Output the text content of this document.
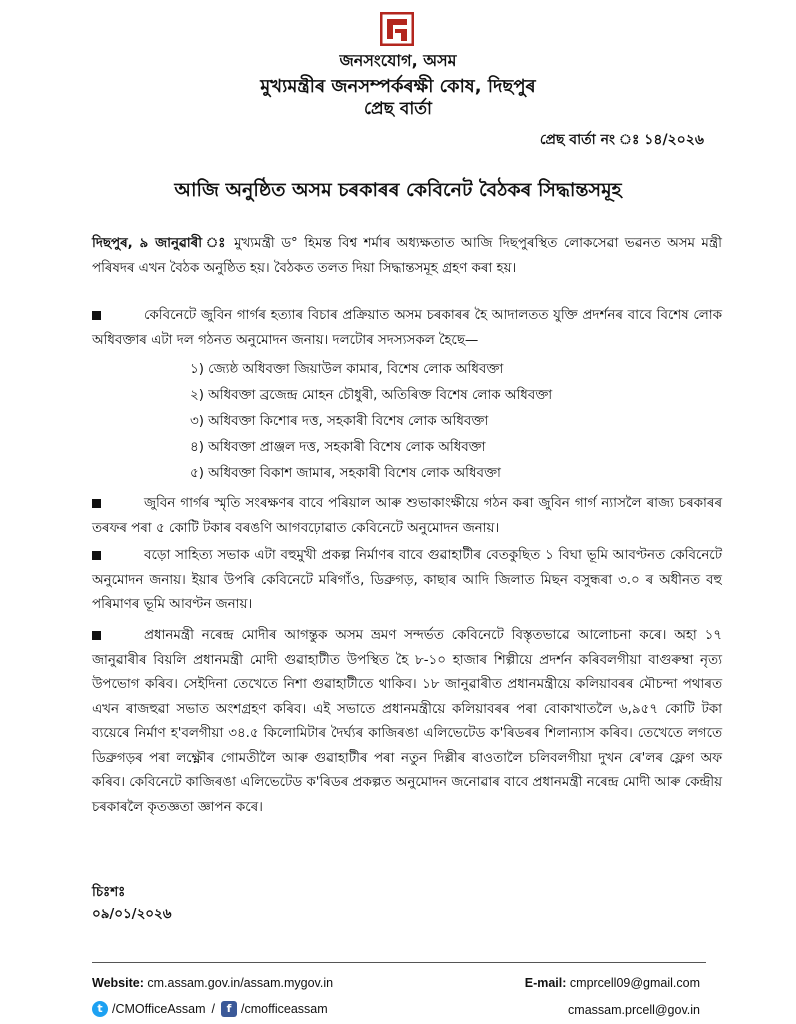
জনসংযোগ, অসম
মুখ্যমন্ত্ৰীৰ জনসম্পৰ্কৰক্ষী কোষ, দিছপুৰ
প্ৰেছ বাৰ্তা
প্ৰেছ বাৰ্তা নং ঃ ১৪/২০২৬
আজি অনুষ্ঠিত অসম চৰকাৰৰ কেবিনেট বৈঠকৰ সিদ্ধান্তসমূহ
দিছপুৰ, ৯ জানুৱাৰী ঃ মুখ্যমন্ত্ৰী ড° হিমন্ত বিশ্ব শৰ্মাৰ অধ্যক্ষতাত আজি দিছপুৰস্থিত লোকসেৱা ভৱনত অসম মন্ত্ৰী পৰিষদৰ এখন বৈঠক অনুষ্ঠিত হয়। বৈঠকত তলত দিয়া সিদ্ধান্তসমূহ গ্ৰহণ কৰা হয়।
কেবিনেটে জুবিন গাৰ্গৰ হত্যাৰ বিচাৰ প্ৰক্ৰিয়াত অসম চৰকাৰৰ হৈ আদালতত যুক্তি প্ৰদৰ্শনৰ বাবে বিশেষ লোক অধিবক্তাৰ এটা দল গঠনত অনুমোদন জনায়। দলটোৰ সদস্যসকল হৈছে—
১) জ্যেষ্ঠ অধিবক্তা জিয়াউল কামাৰ, বিশেষ লোক অধিবক্তা
২) অধিবক্তা ব্ৰজেন্দ্ৰ মোহন চৌধুৰী, অতিৰিক্ত বিশেষ লোক অধিবক্তা
৩) অধিবক্তা কিশোৰ দত্ত, সহকাৰী বিশেষ লোক অধিবক্তা
৪) অধিবক্তা প্ৰাঞ্জল দত্ত, সহকাৰী বিশেষ লোক অধিবক্তা
৫) অধিবক্তা বিকাশ জামাৰ, সহকাৰী বিশেষ লোক অধিবক্তা
জুবিন গাৰ্গৰ স্মৃতি সংৰক্ষণৰ বাবে পৰিয়াল আৰু শুভাকাংক্ষীয়ে গঠন কৰা জুবিন গাৰ্গ ন্যাসলৈ ৰাজ্য চৰকাৰৰ তৰফৰ পৰা ৫ কোটি টকাৰ বৰঙণি আগবঢ়োৱাত কেবিনেটে অনুমোদন জনায়।
বড়ো সাহিত্য সভাক এটা বহুমুখী প্ৰকল্প নিৰ্মাণৰ বাবে গুৱাহাটীৰ বেতকুছিত ১ বিঘা ভূমি আবণ্টনত কেবিনেটে অনুমোদন জনায়। ইয়াৰ উপৰি কেবিনেটে মৰিগাঁও, ডিব্ৰুগড়, কাছাৰ আদি জিলাত মিছন বসুন্ধৰা ৩.০ ৰ অধীনত বহু পৰিমাণৰ ভূমি আবণ্টন জনায়।
প্ৰধানমন্ত্ৰী নৰেন্দ্ৰ মোদীৰ আগন্তুক অসম ভ্ৰমণ সন্দৰ্ভত কেবিনেটে বিস্তৃতভাৱে আলোচনা কৰে। অহা ১৭ জানুৱাৰীৰ বিয়লি প্ৰধানমন্ত্ৰী মোদী গুৱাহাটীত উপস্থিত হৈ ৮-১০ হাজাৰ শিল্পীয়ে প্ৰদৰ্শন কৰিবলগীয়া বাগুৰুম্বা নৃত্য উপভোগ কৰিব। সেইদিনা তেখেতে নিশা গুৱাহাটীতে থাকিব। ১৮ জানুৱাৰীত প্ৰধানমন্ত্ৰীয়ে কলিয়াবৰৰ মৌচন্দা পথাৰত এখন ৰাজহুৱা সভাত অংশগ্ৰহণ কৰিব। এই সভাতে প্ৰধানমন্ত্ৰীয়ে কলিয়াবৰৰ পৰা বোকাখাতলৈ ৬,৯৫৭ কোটি টকা ব্যয়েৰে নিৰ্মাণ হ'বলগীয়া ৩৪.৫ কিলোমিটাৰ দৈৰ্ঘ্যৰ কাজিৰঙা এলিভেটেড ক'ৰিডৰৰ শিলান্যাস কৰিব। তেখেতে লগতে ডিব্ৰুগড়ৰ পৰা লক্ষ্ণৌৰ গোমতীলৈ আৰু গুৱাহাটীৰ পৰা নতুন দিল্লীৰ ৰাওতালৈ চলিবলগীয়া দুখন ৰে'লৰ ফ্লেগ অফ কৰিব। কেবিনেটে কাজিৰঙা এলিভেটেড ক'ৰিডৰ প্ৰকল্পত অনুমোদন জনোৱাৰ বাবে প্ৰধানমন্ত্ৰী নৰেন্দ্ৰ মোদী আৰু কেন্দ্ৰীয় চৰকাৰলৈ কৃতজ্ঞতা জ্ঞাপন কৰে।
চিঃশঃ
০৯/০১/২০২৬
Website: cm.assam.gov.in/assam.mygov.in	E-mail: cmprcell09@gmail.com
t /CMOfficeAssam /	f /cmofficeassam	cmassam.prcell@gov.in
